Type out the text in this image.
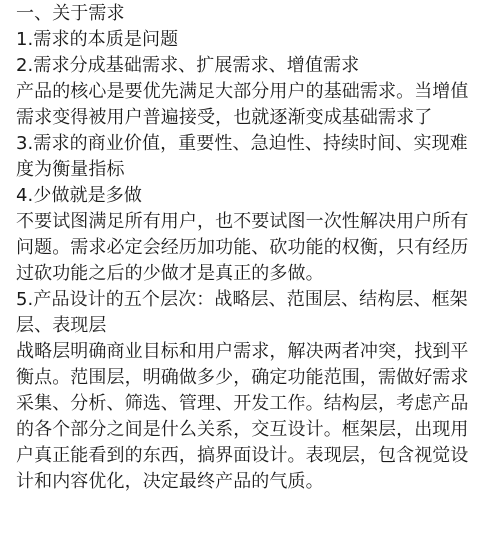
一、关于需求
1.需求的本质是问题
2.需求分成基础需求、扩展需求、增值需求
产品的核心是要优先满足大部分用户的基础需求。当增值
需求变得被用户普遍接受，也就逐渐变成基础需求了
3.需求的商业价值，重要性、急迫性、持续时间、实现难
度为衡量指标
4.少做就是多做
不要试图满足所有用户，也不要试图一次性解决用户所有
问题。需求必定会经历加功能、砍功能的权衡，只有经历
过砍功能之后的少做才是真正的多做。
5.产品设计的五个层次：战略层、范围层、结构层、框架
层、表现层
战略层明确商业目标和用户需求，解决两者冲突，找到平
衡点。范围层，明确做多少，确定功能范围，需做好需求
采集、分析、筛选、管理、开发工作。结构层，考虑产品
的各个部分之间是什么关系，交互设计。框架层，出现用
户真正能看到的东西，搞界面设计。表现层，包含视觉设
计和内容优化，决定最终产品的气质。
